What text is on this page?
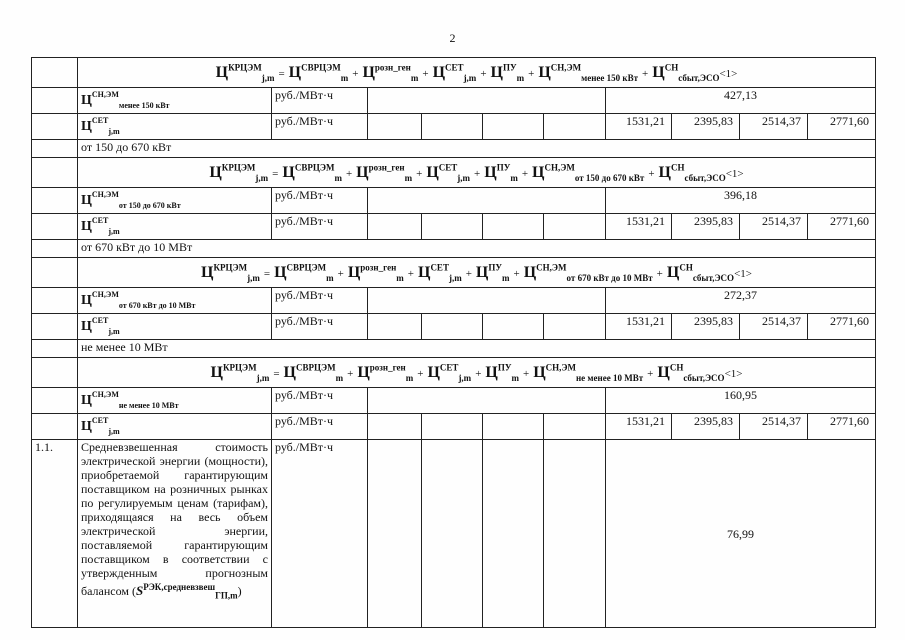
2
	$Ц^{КРЦЭМ}_{j,m} = Ц^{СВРЦЭМ}_m + Ц^{розн\_ген}_m + Ц^{СЕТ}_{j,m} + Ц^{ПУ}_m + Ц^{СН,ЭМ}_{менее 150 кВт} + Ц^{СН}_{сбыт,ЭСО}<1>$									
	$Ц^{СН,ЭМ}_{менее 150 кВт}$	руб./МВт·ч					427,13			
	$Ц^{СЕТ}_{j,m}$	руб./МВт·ч					1531,21	2395,83	2514,37	2771,60
	от 150 до 670 кВт									
	$Ц^{КРЦЭМ}_{j,m} = Ц^{СВРЦЭМ}_m + Ц^{розн\_ген}_m + Ц^{СЕТ}_{j,m} + Ц^{ПУ}_m + Ц^{СН,ЭМ}_{от 150 до 670 кВт} + Ц^{СН}_{сбыт,ЭСО}<1>$									
	$Ц^{СН,ЭМ}_{от 150 до 670 кВт}$	руб./МВт·ч					396,18			
	$Ц^{СЕТ}_{j,m}$	руб./МВт·ч					1531,21	2395,83	2514,37	2771,60
	от 670 кВт до 10 МВт									
	$Ц^{КРЦЭМ}_{j,m} = Ц^{СВРЦЭМ}_m + Ц^{розн\_ген}_m + Ц^{СЕТ}_{j,m} + Ц^{ПУ}_m + Ц^{СН,ЭМ}_{от 670 кВт до 10 МВт} + Ц^{СН}_{сбыт,ЭСО}<1>$									
	$Ц^{СН,ЭМ}_{от 670 кВт до 10 МВт}$	руб./МВт·ч					272,37			
	$Ц^{СЕТ}_{j,m}$	руб./МВт·ч					1531,21	2395,83	2514,37	2771,60
	не менее 10 МВт									
	$Ц^{КРЦЭМ}_{j,m} = Ц^{СВРЦЭМ}_m + Ц^{розн\_ген}_m + Ц^{СЕТ}_{j,m} + Ц^{ПУ}_m + Ц^{СН,ЭМ}_{не менее 10 МВт} + Ц^{СН}_{сбыт,ЭСО}<1>$									
	$Ц^{СН,ЭМ}_{не менее 10 МВт}$	руб./МВт·ч					160,95			
	$Ц^{СЕТ}_{j,m}$	руб./МВт·ч					1531,21	2395,83	2514,37	2771,60
1.1.	Средневзвешенная стоимость электрической энергии (мощности), приобретаемой гарантирующим поставщиком на розничных рынках по регулируемым ценам (тарифам), приходящаяся на весь объем электрической энергии, поставляемой гарантирующим поставщиком в соответствии с утвержденным прогнозным балансом $(S^{РЭК,средневзвеш}_{ГП,m})$	руб./МВт·ч					76,99			
